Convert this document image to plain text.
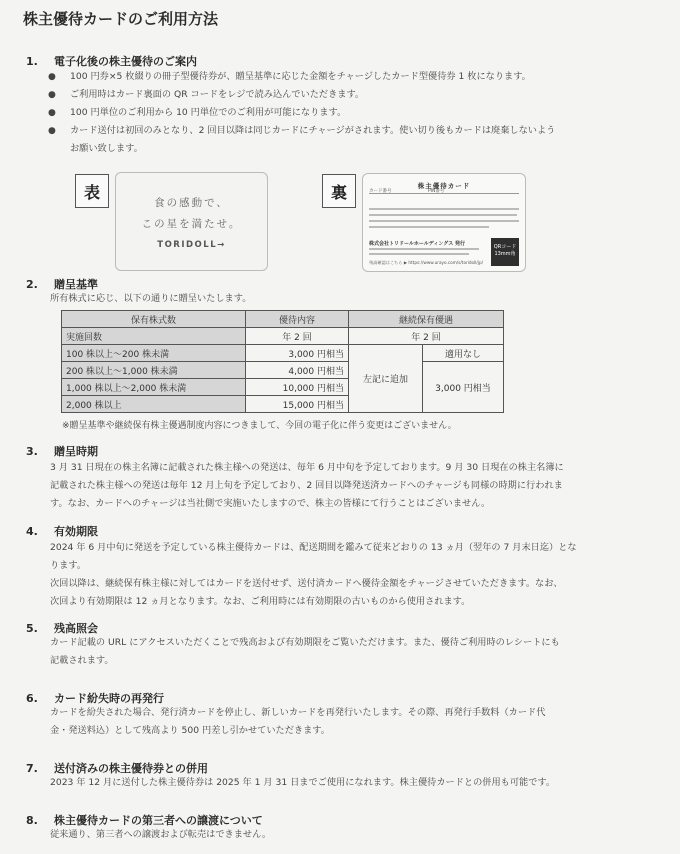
株主優待カードのご利用方法
1. 電子化後の株主優待のご案内
●	100 円券×5 枚綴りの冊子型優待券が、贈呈基準に応じた金額をチャージしたカード型優待券 1 枚になります。
●	ご利用時はカード裏面の QR コードをレジで読み込んでいただきます。
●	100 円単位のご利用から 10 円単位でのご利用が可能になります。
●	カード送付は初回のみとなり、2 回目以降は同じカードにチャージがされます。使い切り後もカードは廃棄しないよう
お願い致します。
表
食の感動で、
この星を満たせ。
TORIDOLL→
裏	株主優待カード
カード番号	PIN番号
株式会社トリドールホールディングス 発行
残高確認はこちら ▶ https://www.urayo.com/s/toridoll/jp/
QRコード
13mm角
2. 贈呈基準
所有株式に応じ、以下の通りに贈呈いたします。
保有株式数	優待内容	継続保有優遇	
実施回数	年 2 回	年 2 回	
100 株以上～200 株未満	3,000 円相当	左記に追加	適用なし
200 株以上～1,000 株未満	4,000 円相当		3,000 円相当
1,000 株以上～2,000 株未満	10,000 円相当		
2,000 株以上	15,000 円相当		
※贈呈基準や継続保有株主優遇制度内容につきまして、今回の電子化に伴う変更はございません。
3. 贈呈時期

3 月 31 日現在の株主名簿に記載された株主様への発送は、毎年 6 月中旬を予定しております。9 月 30 日現在の株主名簿に

記載された株主様への発送は毎年 12 月上旬を予定しており、2 回目以降発送済カードへのチャージも同様の時期に行われま

す。なお、カードへのチャージは当社側で実施いたしますので、株主の皆様にて行うことはございません。

4. 有効期限

2024 年 6 月中旬に発送を予定している株主優待カードは、配送期間を鑑みて従来どおりの 13 ヵ月（翌年の 7 月末日迄）とな

ります。

次回以降は、継続保有株主様に対してはカードを送付せず、送付済カードへ優待金額をチャージさせていただきます。なお、

次回より有効期限は 12 ヵ月となります。なお、ご利用時には有効期限の古いものから使用されます。

5. 残高照会

カード記載の URL にアクセスいただくことで残高および有効期限をご覧いただけます。また、優待ご利用時のレシートにも

記載されます。

6. カード紛失時の再発行

カードを紛失された場合、発行済カードを停止し、新しいカードを再発行いたします。その際、再発行手数料（カード代

金・発送料込）として残高より 500 円差し引かせていただきます。

7. 送付済みの株主優待券との併用

2023 年 12 月に送付した株主優待券は 2025 年 1 月 31 日までご使用になれます。株主優待カードとの併用も可能です。

8. 株主優待カードの第三者への譲渡について

従来通り、第三者への譲渡および転売はできません。
